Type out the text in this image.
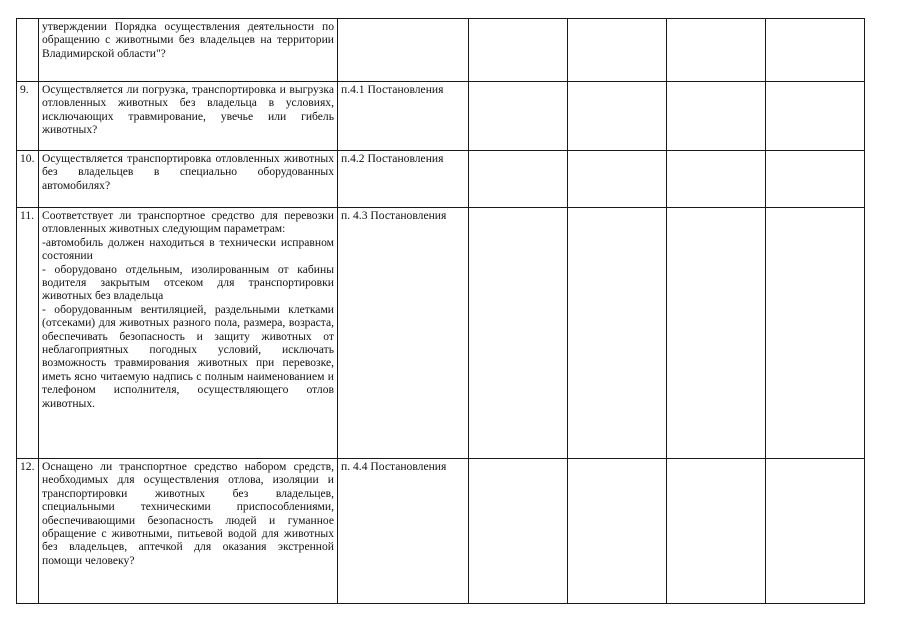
	утверждении Порядка осуществления деятельности по обращению с животными без владельцев на территории Владимирской области"?					
9.	Осуществляется ли погрузка, транспортировка и выгрузка отловленных животных без владельца в условиях, исключающих травмирование, увечье или гибель животных?	п.4.1 Постановления				
10.	Осуществляется транспортировка отловленных животных без владельцев в специально оборудованных автомобилях?	п.4.2 Постановления				
11.	Соответствует ли транспортное средство для перевозки отловленных животных следующим параметрам:
-автомобиль должен находиться в технически исправном состоянии
- оборудовано отдельным, изолированным от кабины водителя закрытым отсеком для транспортировки животных без владельца
- оборудованным вентиляцией, раздельными клетками (отсеками) для животных разного пола, размера, возраста, обеспечивать безопасность и защиту животных от неблагоприятных погодных условий, исключать возможность травмирования животных при перевозке, иметь ясно читаемую надпись с полным наименованием и телефоном исполнителя, осуществляющего отлов животных.	п. 4.3 Постановления				
12.	Оснащено ли транспортное средство набором средств, необходимых для осуществления отлова, изоляции и транспортировки животных без владельцев, специальными техническими приспособлениями, обеспечивающими безопасность людей и гуманное обращение с животными, питьевой водой для животных без владельцев, аптечкой для оказания экстренной помощи человеку?	п. 4.4 Постановления				
